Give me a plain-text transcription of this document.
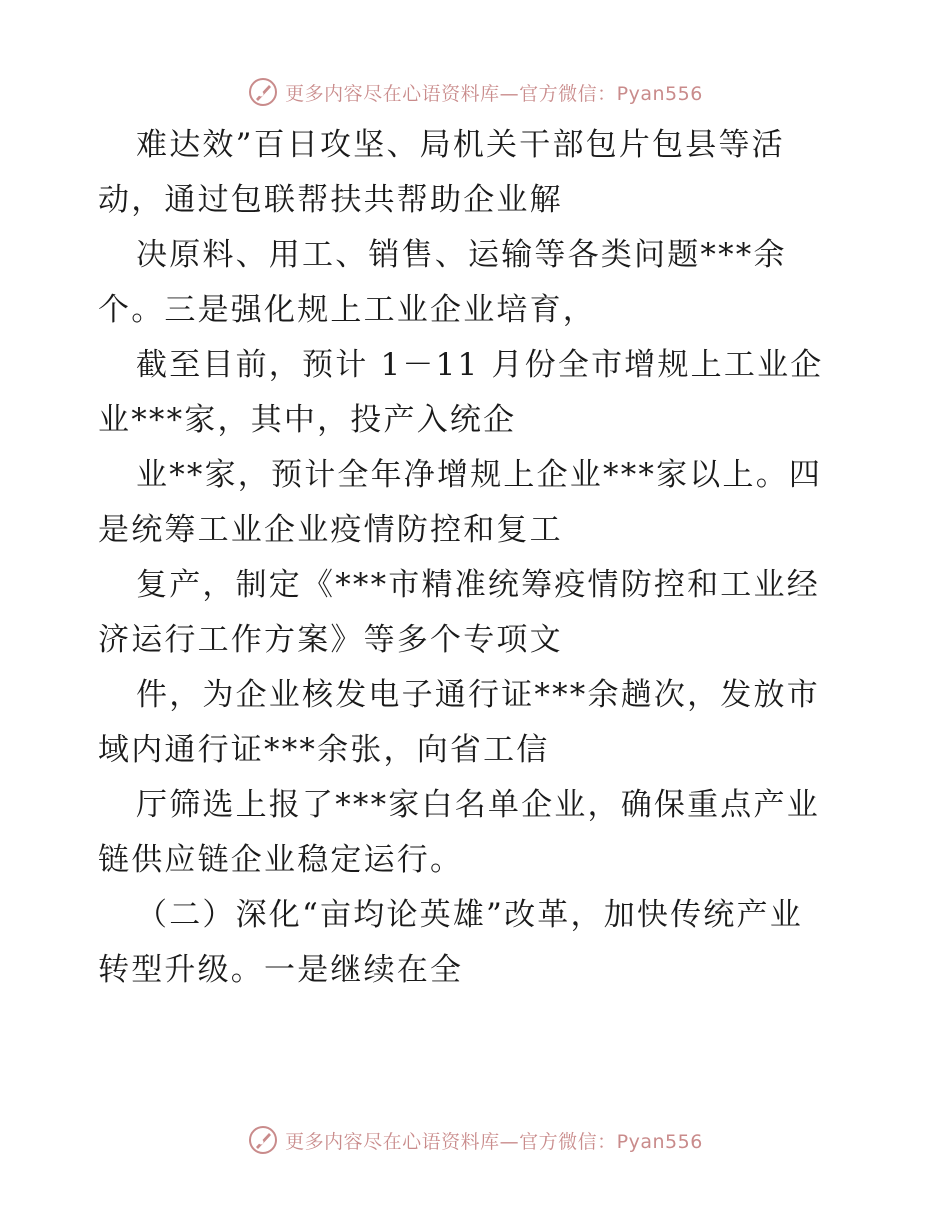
更多内容尽在心语资料库—官方微信：Pyan556

难达效”百日攻坚、局机关干部包片包县等活

动，通过包联帮扶共帮助企业解

决原料、用工、销售、运输等各类问题***余

个。三是强化规上工业企业培育，

截至目前，预计 1－11 月份全市增规上工业企

业***家，其中，投产入统企

业**家，预计全年净增规上企业***家以上。四

是统筹工业企业疫情防控和复工

复产，制定《***市精准统筹疫情防控和工业经

济运行工作方案》等多个专项文

件，为企业核发电子通行证***余趟次，发放市

域内通行证***余张，向省工信

厅筛选上报了***家白名单企业，确保重点产业

链供应链企业稳定运行。

（二）深化“亩均论英雄”改革，加快传统产业

转型升级。一是继续在全

更多内容尽在心语资料库—官方微信：Pyan556
